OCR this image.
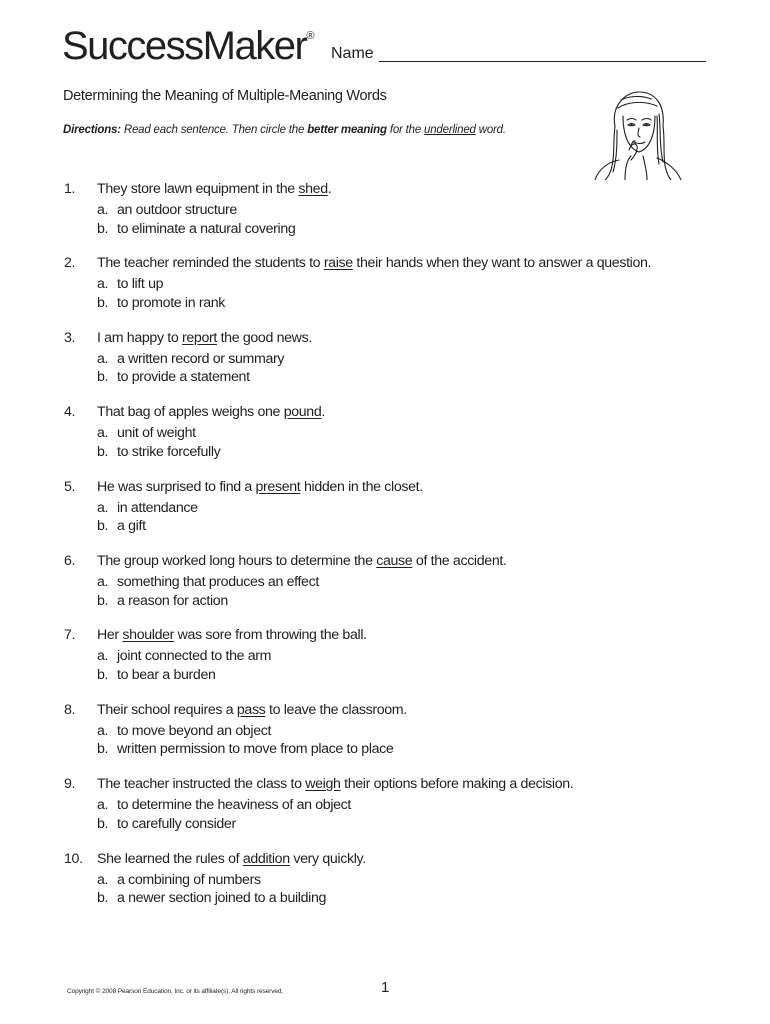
SuccessMaker®
Name
Determining the Meaning of Multiple-Meaning Words
Directions: Read each sentence. Then circle the better meaning for the underlined word.
1.	They store lawn equipment in the shed.
a. an outdoor structure
b. to eliminate a natural covering
2.	The teacher reminded the students to raise their hands when they want to answer a question.
a. to lift up
b. to promote in rank
3.	I am happy to report the good news.
a. a written record or summary
b. to provide a statement
4.	That bag of apples weighs one pound.
a. unit of weight
b. to strike forcefully
5.	He was surprised to find a present hidden in the closet.
a. in attendance
b. a gift
6.	The group worked long hours to determine the cause of the accident.
a. something that produces an effect
b. a reason for action
7.	Her shoulder was sore from throwing the ball.
a. joint connected to the arm
b. to bear a burden
8.	Their school requires a pass to leave the classroom.
a. to move beyond an object
b. written permission to move from place to place
9.	The teacher instructed the class to weigh their options before making a decision.
a. to determine the heaviness of an object
b. to carefully consider
10.	She learned the rules of addition very quickly.
a. a combining of numbers
b. a newer section joined to a building
Copyright © 2008 Pearson Education, Inc. or its affiliate(s). All rights reserved.	1
